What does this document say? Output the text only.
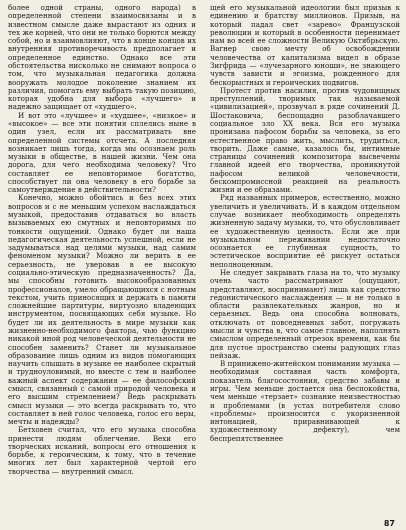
более одной страны, одного народа) в определенной степени взаимосвязаны и в известном смысле даже вырастают из одних и тех же корней, что они не только борются между собой, но и взаимовлияют, что в конце концов их внутренняя противоречивость предполагает и определенное единство. Однако все эти обстоятельства нисколько не снимают вопроса о том, что музыкальная педагогика должна вооружать молодое поколение знанием их различия, помогать ему выбрать такую позицию, которая удобна для выбора «лучшего» и надежно защищает от «худшего».

И вот это «лучшее» и «худшее», «низкое» и «высокое» — все эти понятия сплелись ныне в один узел, если их рассматривать вне определенной системы отсчета. А последняя возникает лишь тогда, когда мы осознаем роль музыки в обществе, в нашей жизни. Чем она дорога, для чего необходима человеку? Что составляет ее неповторимое богатство, способствует ли она человеку в его борьбе за самоутверждение в действительности?

Конечно, можно обойтись и без всех этих вопросов и с не меньшим успехом наслаждаться музыкой, предоставив отдаваться во власть вызываемых ею смутных и неповторимых по тонкости ощущений. Однако будет ли наша педагогическая деятельность успешной, если не задумываться над целями музыки, над самим феноменом музыки? Можно ли верить в ее серьезность, не уверовав в ее высокую социально-этическую предназначенность? Да, мы способны готовить высокообразованных профессионалов, умело обращающихся с нотным текстом, учить приносящих и держать в памяти сложнейшие партитуры, виртуозно владеющих инструментом, посвящающих себя музыке. Но будет ли их деятельность в мире музыки как жизненно-необходимого фактора, чью функцию никакой иной род человеческой деятельности не способен заменить? Станет ли музыкальное образование лишь одним из видов помогающих научить слышать в музыке ее наиболее скрытый и трудноуловимый, но вместе с тем и наиболее важный аспект содержания — ее философский смысл, связанный с самой природой человека и его высшим стремлением? Ведь раскрывать смысл музыки — это всегда раскрывать то, что составляет в ней голос человека, голос его веры, мечты и надежды?

Бетховен считал, что его музыка способна принести людям облегчение. Вехи его творческих исканий, вопросы его отношения к борьбе, к героическим, к тому, что в течение многих лет был характерной чертой его творчества — внутренний смысл.

щей его музыкальной идеологии был призыв к единению и братству миллионов. Призыв, на который падал свет «зарево» Французской революции и который в особенности перенимает нам во всей ее сложности Великую Октябрьскую. Вагнер свою мечту об освобождении человечества от капитализма видел в образе Зигфрида — «лучезарного юноши», не знающего чувств зависти и эгоизма, рожденного для бескорыстных и героических подвигов.

Протест против насилия, против чудовищных преступлений, творимых так называемой «цивилизацией», прозвучал в ряде сочинений Д. Шостаковича, беспощадно разоблачавшего социальное зло XX века. Вся его музыка пронизана пафосом борьбы за человека, за его естественное право жить, мыслить, трудиться, творить. Даже самые, казалось бы, интимные страницы сочинений композитора высвечены главной идеей его творчества, проникнутой пафосом великой человечности, бескомпромиссной реакцией на реальность жизни и ее образами.

Ряд названных примеров, естественно, можно увеличить и увеличивать. И в каждом отдельном случае возникает необходимость определять жизненную задачу музыки, то, что обусловливает ее художественную ценность. Если же при музыкальном переживании недостаточно осознается ее глубинная сущность, то эстетическое восприятие её рискует остаться неполноценным.

Не следует закрывать глаза на то, что музыку очень часто рассматривают (ощущают, представляют, воспринимают) лишь как средство гедонистического наслаждения — и не только в области развлекательных жанров, но и серьезных. Ведь она способна волновать, отключать от повседневных забот, погружать мысли и чувства в, что самое главное, наполнять смыслом определенный отрезок времени, как бы для пустое пространство смены радующих глаз пейзаж.

В принижено-житейском понимании музыка — необходимая составная часть комфорта, показатель благосостояния, средство забавы и игры. Чем меньше достается она беспокойства, чем меньше «терзает» сознание неизвестностью и проблемами (в устах потребителя слово «проблемы» произносится с укоризненной интонацией, приравнивающей к художественному дефекту), чем беспрепятственнее

87
